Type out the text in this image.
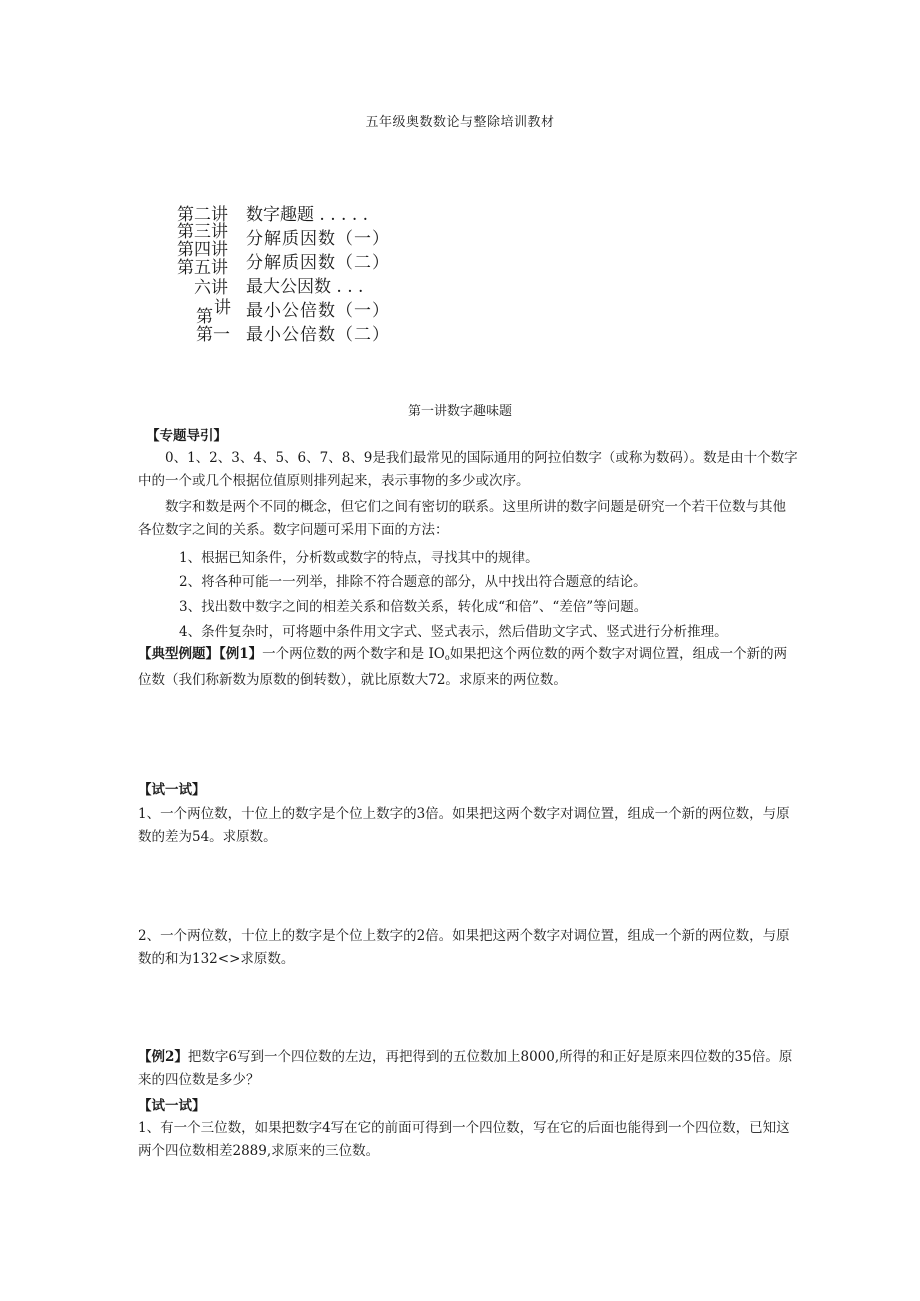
五年级奥数数论与整除培训教材
第二讲
第三讲
第四讲
第五讲
六讲
第 讲
第一
数字趣题 . . . . .
分解质因数（一）
分解质因数（二）
最大公因数 . . .
最小公倍数（一）
最小公倍数（二）
第一讲数字趣味题
【专题导引】
0、1、2、3、4、5、6、7、8、9是我们最常见的国际通用的阿拉伯数字（或称为数码）。数是由十个数字中的一个或几个根据位值原则排列起来，表示事物的多少或次序。
数字和数是两个不同的概念，但它们之间有密切的联系。这里所讲的数字问题是研究一个若干位数与其他各位数字之间的关系。数字问题可采用下面的方法：
1、根据已知条件，分析数或数字的特点，寻找其中的规律。
2、将各种可能一一列举，排除不符合题意的部分，从中找出符合题意的结论。
3、找出数中数字之间的相差关系和倍数关系，转化成“和倍”、“差倍”等问题。
4、条件复杂时，可将题中条件用文字式、竖式表示，然后借助文字式、竖式进行分析推理。
【典型例题】【例1】一个两位数的两个数字和是 $IO_o$如果把这个两位数的两个数字对调位置，组成一个新的两位数（我们称新数为原数的倒转数），就比原数大72。求原来的两位数。
【试一试】
1、一个两位数，十位上的数字是个位上数字的3倍。如果把这两个数字对调位置，组成一个新的两位数，与原数的差为54。求原数。
2、一个两位数，十位上的数字是个位上数字的2倍。如果把这两个数字对调位置，组成一个新的两位数，与原数的和为132<>求原数。
【例2】把数字6写到一个四位数的左边，再把得到的五位数加上8000,所得的和正好是原来四位数的35倍。原来的四位数是多少？
【试一试】
1、有一个三位数，如果把数字4写在它的前面可得到一个四位数，写在它的后面也能得到一个四位数，已知这两个四位数相差2889,求原来的三位数。
